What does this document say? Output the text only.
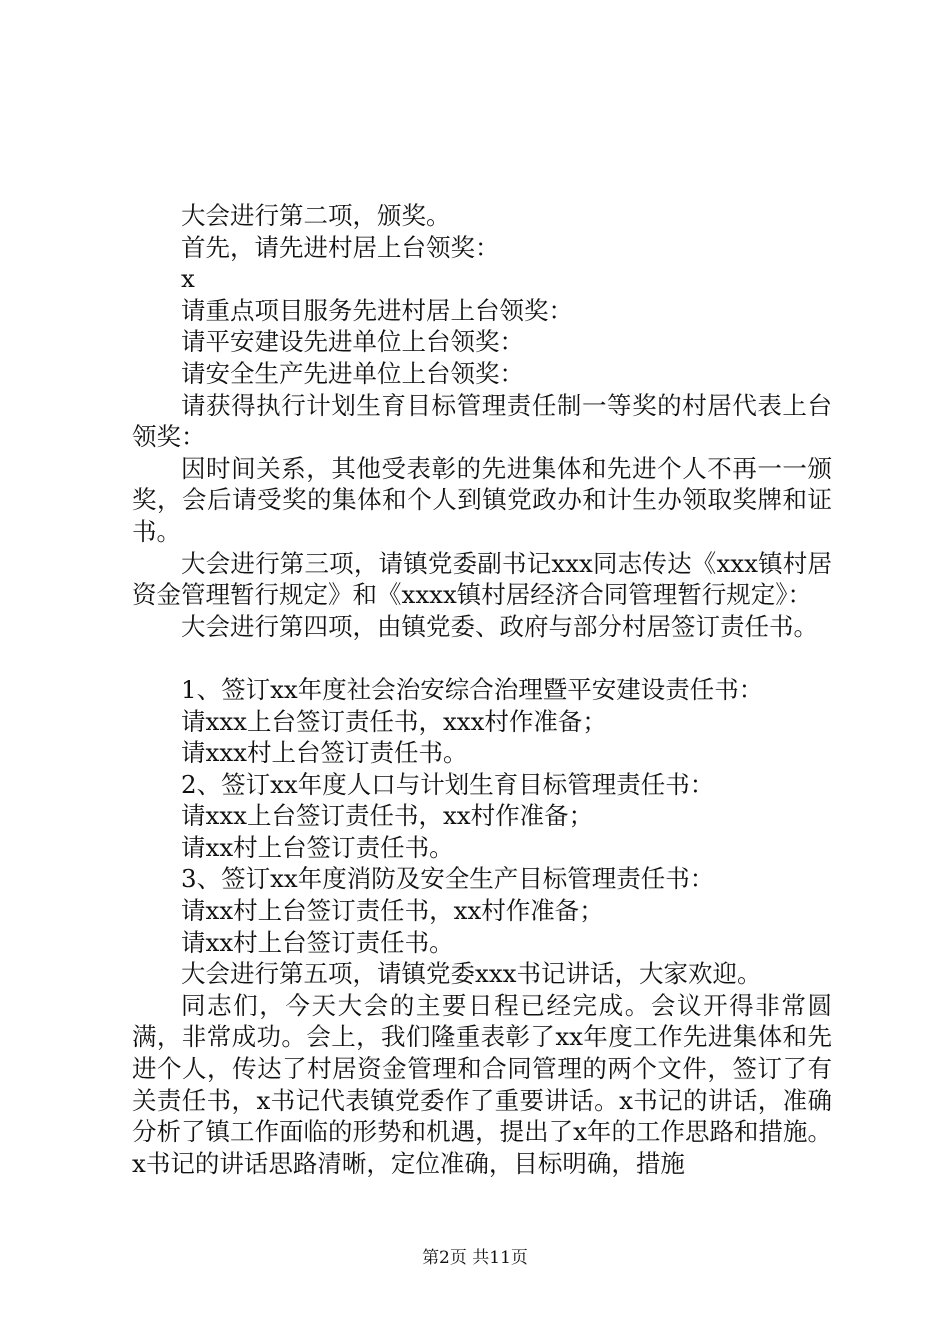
大会进行第二项，颁奖。

首先，请先进村居上台领奖：

x

请重点项目服务先进村居上台领奖：

请平安建设先进单位上台领奖：

请安全生产先进单位上台领奖：

请获得执行计划生育目标管理责任制一等奖的村居代表上台领奖：

因时间关系，其他受表彰的先进集体和先进个人不再一一颁奖，会后请受奖的集体和个人到镇党政办和计生办领取奖牌和证书。

大会进行第三项，请镇党委副书记xxx同志传达《xxx镇村居资金管理暂行规定》和《xxxx镇村居经济合同管理暂行规定》：

大会进行第四项，由镇党委、政府与部分村居签订责任书。

1、签订xx年度社会治安综合治理暨平安建设责任书：

请xxx上台签订责任书，xxx村作准备；

请xxx村上台签订责任书。

2、签订xx年度人口与计划生育目标管理责任书：

请xxx上台签订责任书，xx村作准备；

请xx村上台签订责任书。

3、签订xx年度消防及安全生产目标管理责任书：

请xx村上台签订责任书，xx村作准备；

请xx村上台签订责任书。

大会进行第五项，请镇党委xxx书记讲话，大家欢迎。

同志们，今天大会的主要日程已经完成。会议开得非常圆满，非常成功。会上，我们隆重表彰了xx年度工作先进集体和先进个人，传达了村居资金管理和合同管理的两个文件，签订了有关责任书，x书记代表镇党委作了重要讲话。x书记的讲话，准确分析了镇工作面临的形势和机遇，提出了x年的工作思路和措施。x书记的讲话思路清晰，定位准确，目标明确，措施

第2页 共11页
